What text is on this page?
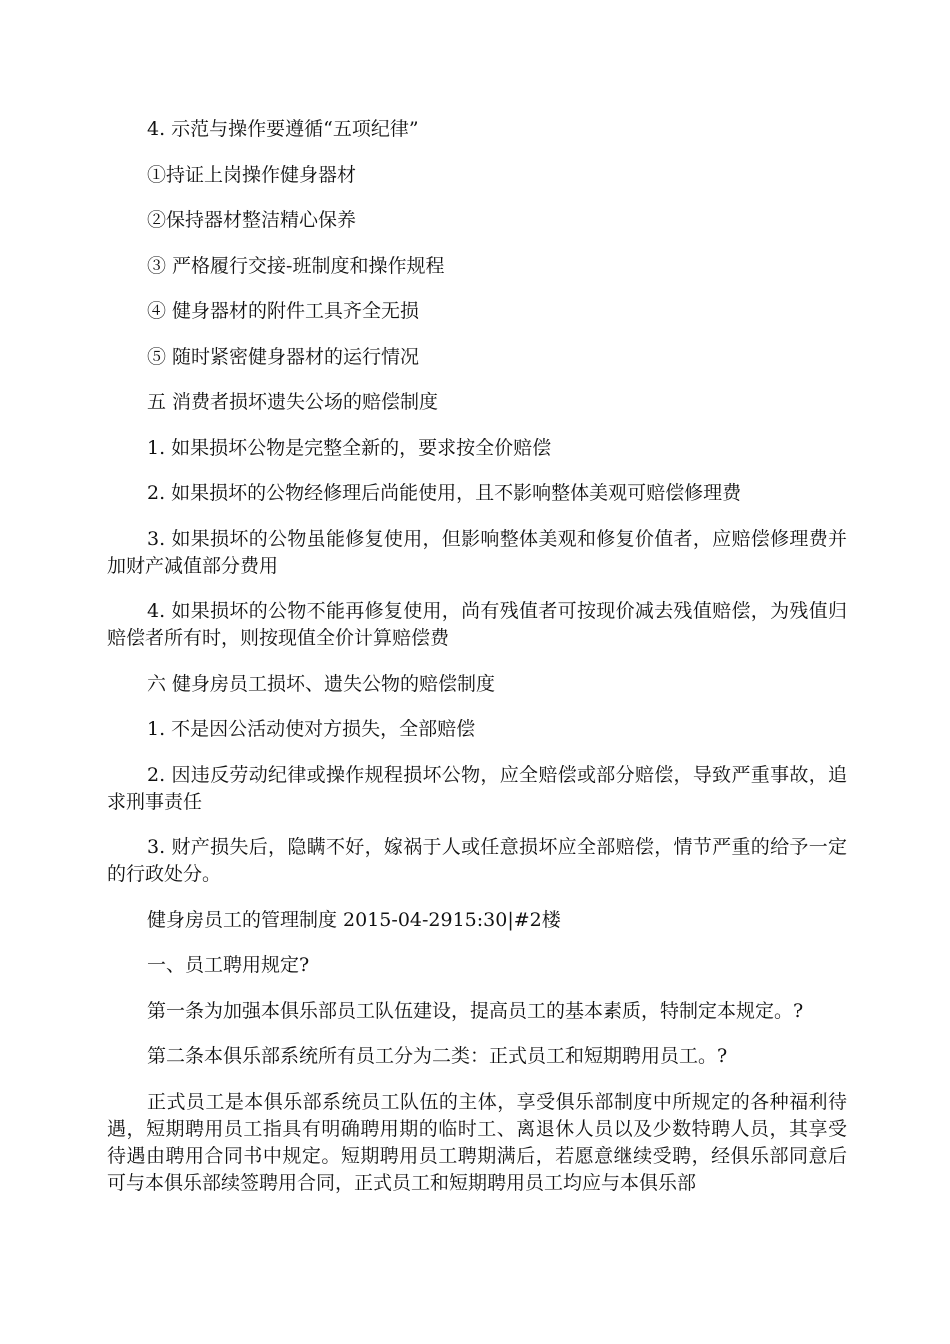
4. 示范与操作要遵循“五项纪律”

①持证上岗操作健身器材

②保持器材整洁精心保养

③ 严格履行交接-班制度和操作规程

④ 健身器材的附件工具齐全无损

⑤ 随时紧密健身器材的运行情况

五 消费者损坏遗失公场的赔偿制度

1. 如果损坏公物是完整全新的，要求按全价赔偿

2. 如果损坏的公物经修理后尚能使用，且不影响整体美观可赔偿修理费

3. 如果损坏的公物虽能修复使用，但影响整体美观和修复价值者，应赔偿修理费并加财产减值部分费用

4. 如果损坏的公物不能再修复使用，尚有残值者可按现价减去残值赔偿，为残值归赔偿者所有时，则按现值全价计算赔偿费

六 健身房员工损坏、遗失公物的赔偿制度

1. 不是因公活动使对方损失，全部赔偿

2. 因违反劳动纪律或操作规程损坏公物，应全赔偿或部分赔偿，导致严重事故，追求刑事责任

3. 财产损失后，隐瞒不好，嫁祸于人或任意损坏应全部赔偿，情节严重的给予一定的行政处分。

健身房员工的管理制度 2015-04-2915:30|#2楼

一、员工聘用规定?

第一条为加强本俱乐部员工队伍建设，提高员工的基本素质，特制定本规定。?

第二条本俱乐部系统所有员工分为二类：正式员工和短期聘用员工。?

正式员工是本俱乐部系统员工队伍的主体，享受俱乐部制度中所规定的各种福利待遇，短期聘用员工指具有明确聘用期的临时工、离退休人员以及少数特聘人员，其享受待遇由聘用合同书中规定。短期聘用员工聘期满后，若愿意继续受聘，经俱乐部同意后可与本俱乐部续签聘用合同，正式员工和短期聘用员工均应与本俱乐部
